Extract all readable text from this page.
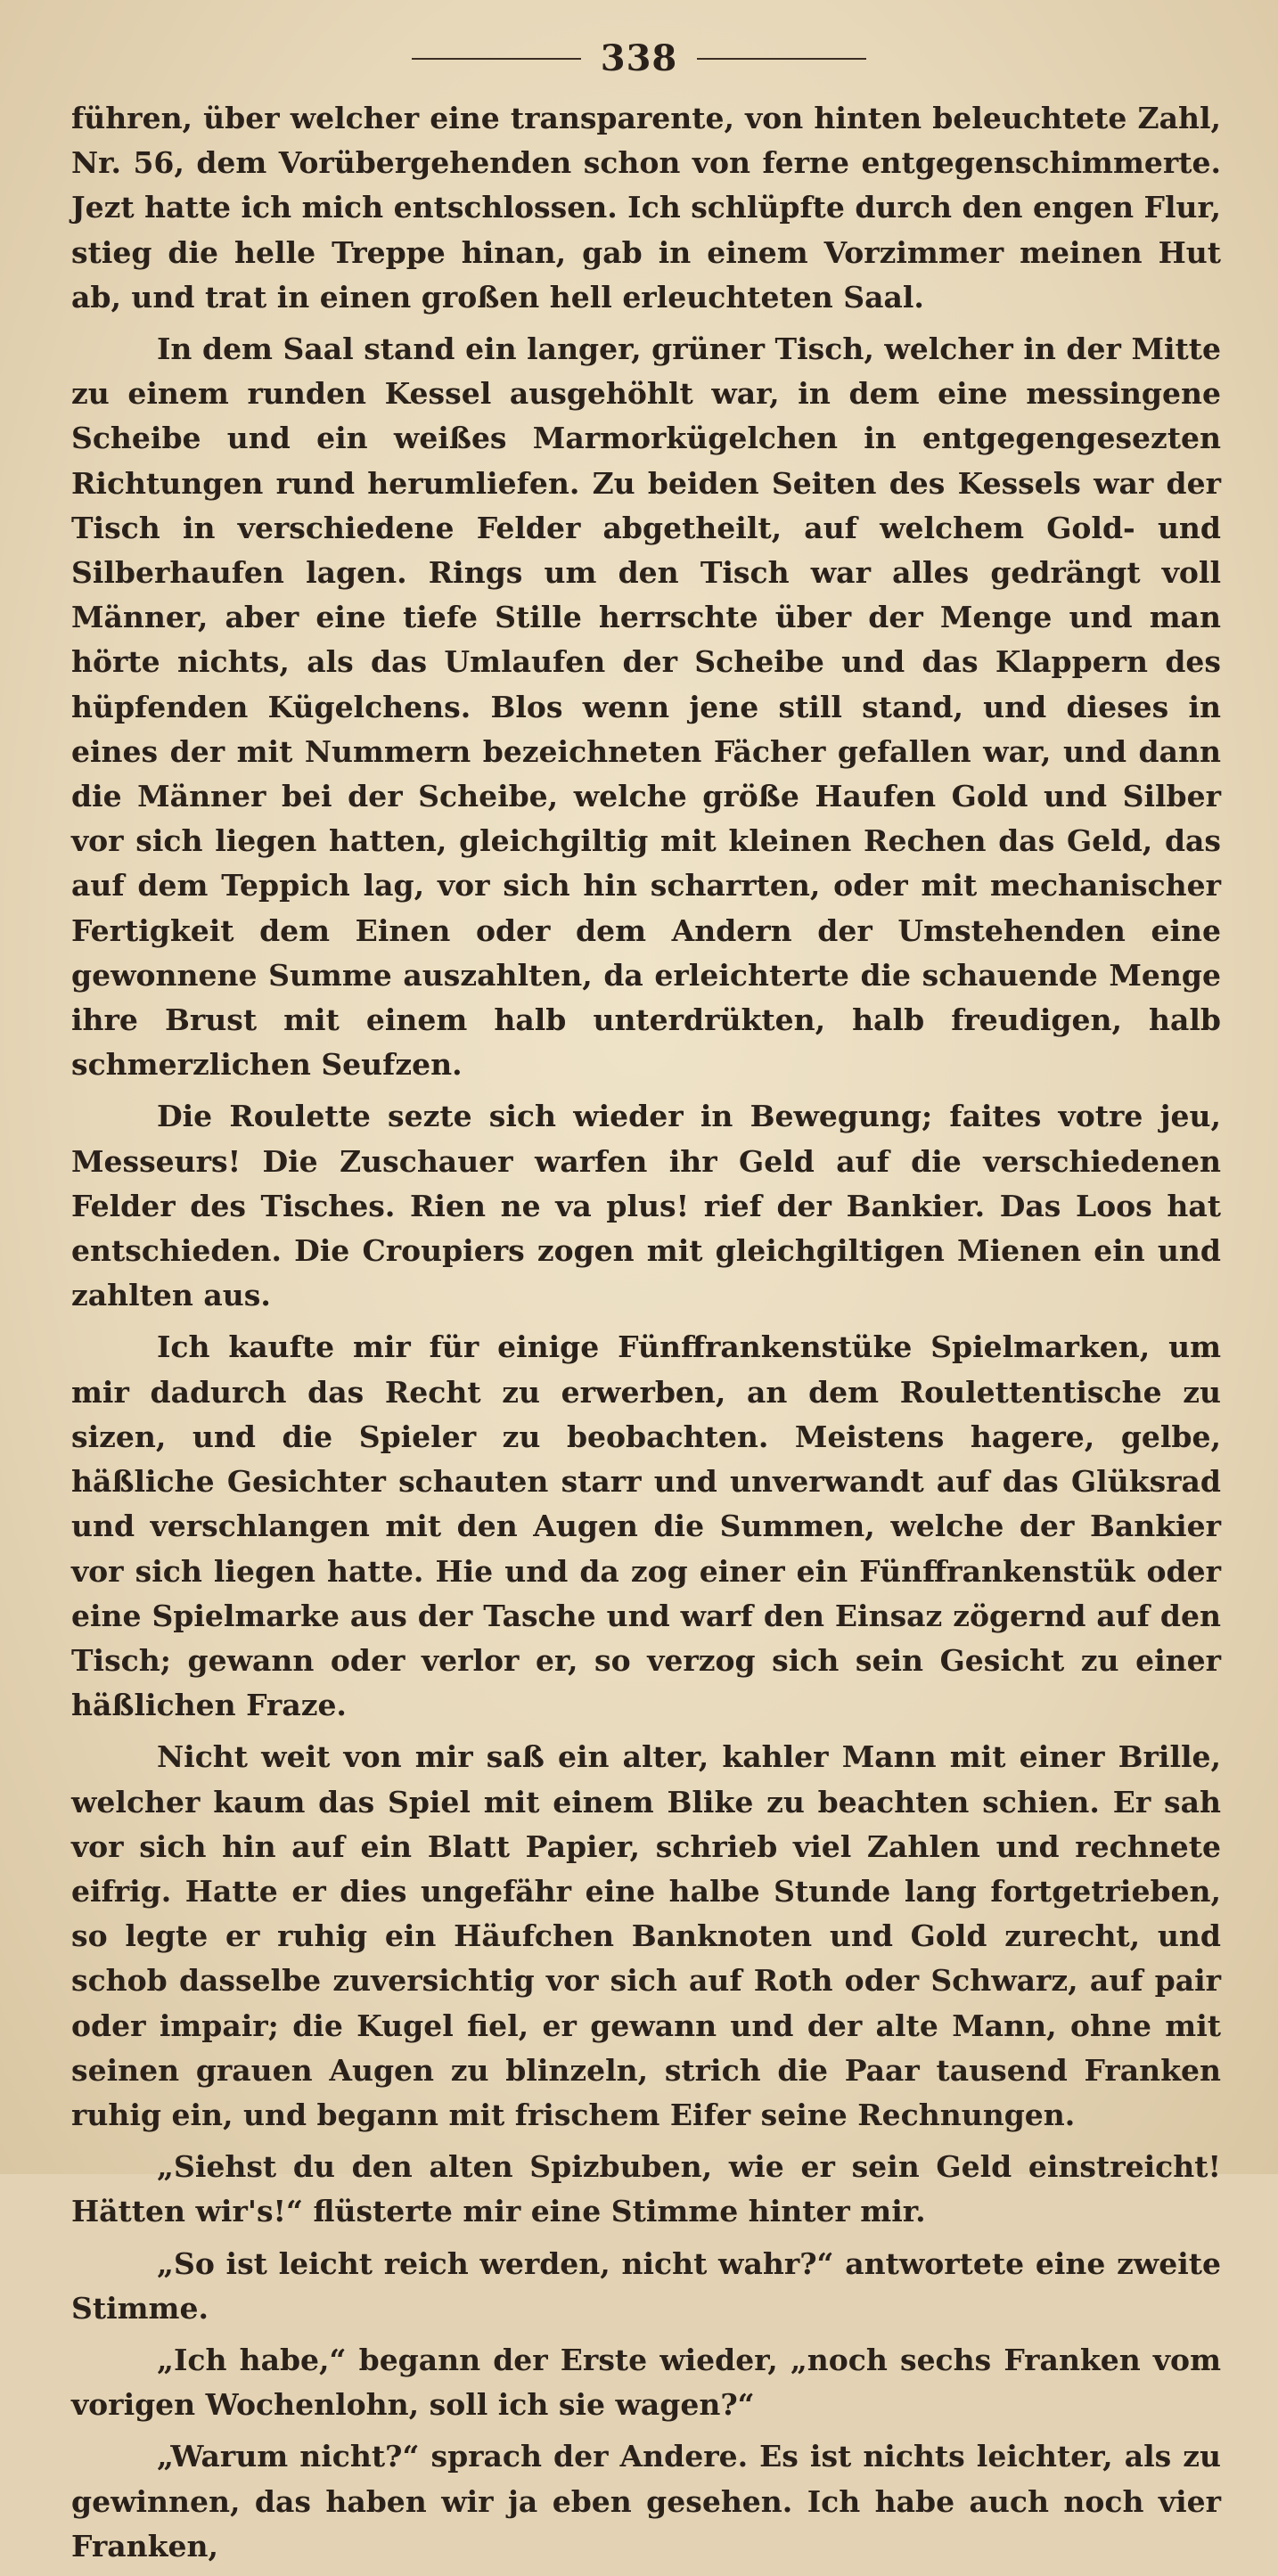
338

führen, über welcher eine transparente, von hinten beleuchtete Zahl, Nr. 56, dem Vorübergehenden schon von ferne entgegenschimmerte. Jezt hatte ich mich entschlossen. Ich schlüpfte durch den engen Flur, stieg die helle Treppe hinan, gab in einem Vorzimmer meinen Hut ab, und trat in einen großen hell erleuchteten Saal.

In dem Saal stand ein langer, grüner Tisch, welcher in der Mitte zu einem runden Kessel ausgehöhlt war, in dem eine messingene Scheibe und ein weißes Marmorkügelchen in entgegengesezten Richtungen rund herumliefen. Zu beiden Seiten des Kessels war der Tisch in verschiedene Felder abgetheilt, auf welchem Gold- und Silberhaufen lagen. Rings um den Tisch war alles gedrängt voll Männer, aber eine tiefe Stille herrschte über der Menge und man hörte nichts, als das Umlaufen der Scheibe und das Klappern des hüpfenden Kügelchens. Blos wenn jene still stand, und dieses in eines der mit Nummern bezeichneten Fächer gefallen war, und dann die Männer bei der Scheibe, welche größe Haufen Gold und Silber vor sich liegen hatten, gleichgiltig mit kleinen Rechen das Geld, das auf dem Teppich lag, vor sich hin scharrten, oder mit mechanischer Fertigkeit dem Einen oder dem Andern der Umstehenden eine gewonnene Summe auszahlten, da erleichterte die schauende Menge ihre Brust mit einem halb unterdrükten, halb freudigen, halb schmerzlichen Seufzen.

Die Roulette sezte sich wieder in Bewegung; faites votre jeu, Messeurs! Die Zuschauer warfen ihr Geld auf die verschiedenen Felder des Tisches. Rien ne va plus! rief der Bankier. Das Loos hat entschieden. Die Croupiers zogen mit gleichgiltigen Mienen ein und zahlten aus.

Ich kaufte mir für einige Fünffrankenstüke Spielmarken, um mir dadurch das Recht zu erwerben, an dem Roulettentische zu sizen, und die Spieler zu beobachten. Meistens hagere, gelbe, häßliche Gesichter schauten starr und unverwandt auf das Glüksrad und verschlangen mit den Augen die Summen, welche der Bankier vor sich liegen hatte. Hie und da zog einer ein Fünffrankenstük oder eine Spielmarke aus der Tasche und warf den Einsaz zögernd auf den Tisch; gewann oder verlor er, so verzog sich sein Gesicht zu einer häßlichen Fraze.

Nicht weit von mir saß ein alter, kahler Mann mit einer Brille, welcher kaum das Spiel mit einem Blike zu beachten schien. Er sah vor sich hin auf ein Blatt Papier, schrieb viel Zahlen und rechnete eifrig. Hatte er dies ungefähr eine halbe Stunde lang fortgetrieben, so legte er ruhig ein Häufchen Banknoten und Gold zurecht, und schob dasselbe zuversichtig vor sich auf Roth oder Schwarz, auf pair oder impair; die Kugel fiel, er gewann und der alte Mann, ohne mit seinen grauen Augen zu blinzeln, strich die Paar tausend Franken ruhig ein, und begann mit frischem Eifer seine Rechnungen.

„Siehst du den alten Spizbuben, wie er sein Geld einstreicht! Hätten wir's!“ flüsterte mir eine Stimme hinter mir.

„So ist leicht reich werden, nicht wahr?“ antwortete eine zweite Stimme.

„Ich habe,“ begann der Erste wieder, „noch sechs Franken vom vorigen Wochenlohn, soll ich sie wagen?“

„Warum nicht?“ sprach der Andere. Es ist nichts leichter, als zu gewinnen, das haben wir ja eben gesehen. Ich habe auch noch vier Franken,
